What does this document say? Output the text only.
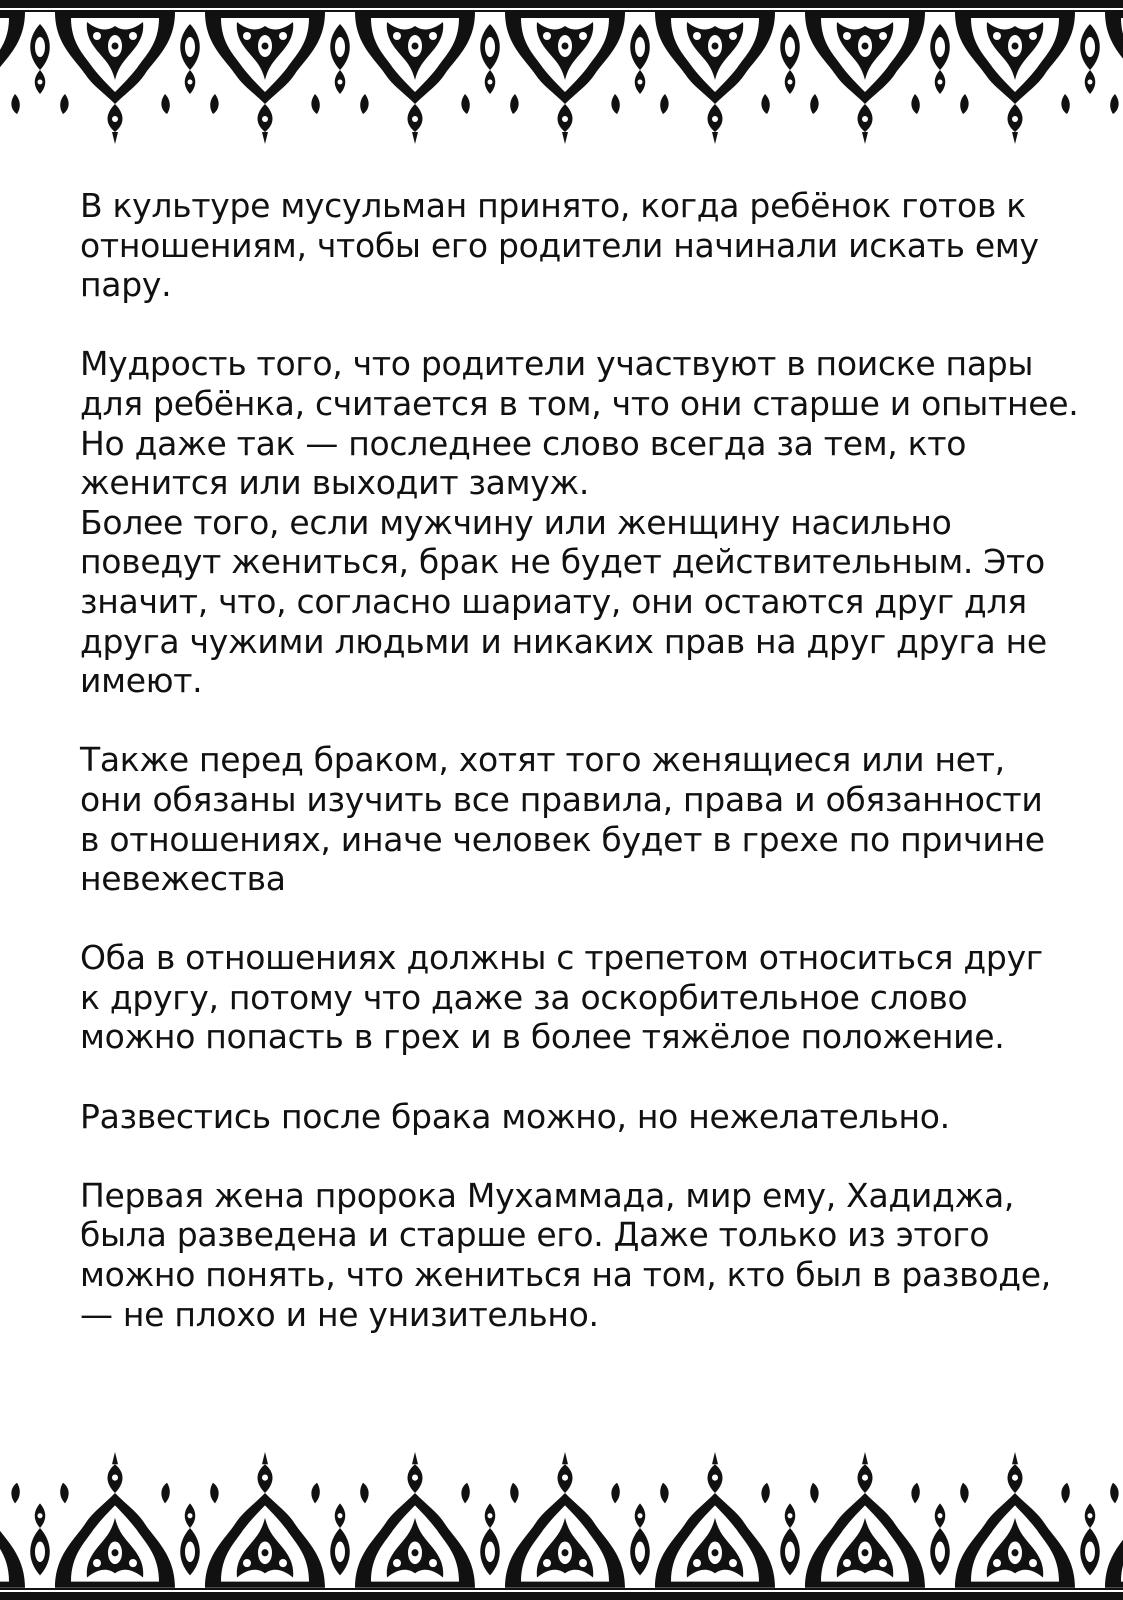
В культуре мусульман принято, когда ребёнок готов к
отношениям, чтобы его родители начинали искать ему
пару.
Мудрость того, что родители участвуют в поиске пары
для ребёнка, считается в том, что они старше и опытнее.
Но даже так — последнее слово всегда за тем, кто
женится или выходит замуж.
Более того, если мужчину или женщину насильно
поведут жениться, брак не будет действительным. Это
значит, что, согласно шариату, они остаются друг для
друга чужими людьми и никаких прав на друг друга не
имеют.
Также перед браком, хотят того женящиеся или нет,
они обязаны изучить все правила, права и обязанности
в отношениях, иначе человек будет в грехе по причине
невежества
Оба в отношениях должны с трепетом относиться друг
к другу, потому что даже за оскорбительное слово
можно попасть в грех и в более тяжёлое положение.
Развестись после брака можно, но нежелательно.
Первая жена пророка Мухаммада, мир ему, Хадиджа,
была разведена и старше его. Даже только из этого
можно понять, что жениться на том, кто был в разводе,
— не плохо и не унизительно.
